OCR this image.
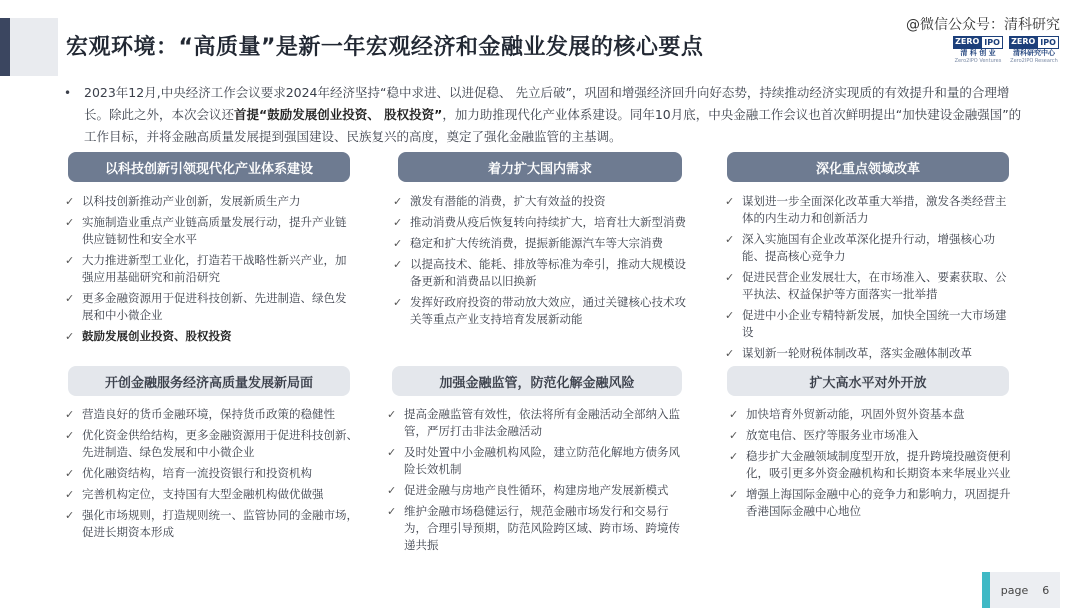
宏观环境：“高质量”是新一年宏观经济和金融业发展的核心要点
@微信公众号：清科研究
ZERO IPO
清 科 创 业
Zero2IPO Ventures
ZERO IPO
清科研究中心
Zero2IPO Research
•	2023年12月,中央经济工作会议要求2024年经济坚持“稳中求进、以进促稳、 先立后破”，巩固和增强经济回升向好态势，持续推动经济实现质的有效提升和量的合理增长。除此之外，本次会议还首提“鼓励发展创业投资、 股权投资”，加力助推现代化产业体系建设。同年10月底，中央金融工作会议也首次鲜明提出“加快建设金融强国”的工作目标，并将金融高质量发展提到强国建设、民族复兴的高度，奠定了强化金融监管的主基调。

以科技创新引领现代化产业体系建设	着力扩大国内需求	深化重点领域改革
✓ 以科技创新推动产业创新，发展新质生产力
✓ 实施制造业重点产业链高质量发展行动，提升产业链供应链韧性和安全水平
✓ 大力推进新型工业化，打造若干战略性新兴产业，加强应用基础研究和前沿研究
✓ 更多金融资源用于促进科技创新、先进制造、绿色发展和中小微企业
✓ 鼓励发展创业投资、股权投资
✓ 激发有潜能的消费，扩大有效益的投资
✓ 推动消费从疫后恢复转向持续扩大，培育壮大新型消费
✓ 稳定和扩大传统消费，提振新能源汽车等大宗消费
✓ 以提高技术、能耗、排放等标准为牵引，推动大规模设备更新和消费品以旧换新
✓ 发挥好政府投资的带动放大效应，通过关键核心技术攻关等重点产业支持培育发展新动能
✓ 谋划进一步全面深化改革重大举措，激发各类经营主体的内生动力和创新活力
✓ 深入实施国有企业改革深化提升行动，增强核心功能、提高核心竞争力
✓ 促进民营企业发展壮大，在市场准入、要素获取、公平执法、权益保护等方面落实一批举措
✓ 促进中小企业专精特新发展，加快全国统一大市场建设
✓ 谋划新一轮财税体制改革，落实金融体制改革
开创金融服务经济高质量发展新局面	加强金融监管，防范化解金融风险	扩大高水平对外开放
✓ 营造良好的货币金融环境，保持货币政策的稳健性
✓ 优化资金供给结构，更多金融资源用于促进科技创新、先进制造、绿色发展和中小微企业
✓ 优化融资结构，培育一流投资银行和投资机构
✓ 完善机构定位，支持国有大型金融机构做优做强
✓ 强化市场规则，打造规则统一、监管协同的金融市场，促进长期资本形成
✓ 提高金融监管有效性，依法将所有金融活动全部纳入监管，严厉打击非法金融活动
✓ 及时处置中小金融机构风险，建立防范化解地方债务风险长效机制
✓ 促进金融与房地产良性循环，构建房地产发展新模式
✓ 维护金融市场稳健运行，规范金融市场发行和交易行为，合理引导预期，防范风险跨区域、跨市场、跨境传递共振
✓ 加快培育外贸新动能，巩固外贸外资基本盘
✓ 放宽电信、医疗等服务业市场准入
✓ 稳步扩大金融领域制度型开放，提升跨境投融资便利化，吸引更多外资金融机构和长期资本来华展业兴业
✓ 增强上海国际金融中心的竞争力和影响力，巩固提升香港国际金融中心地位
page 6
